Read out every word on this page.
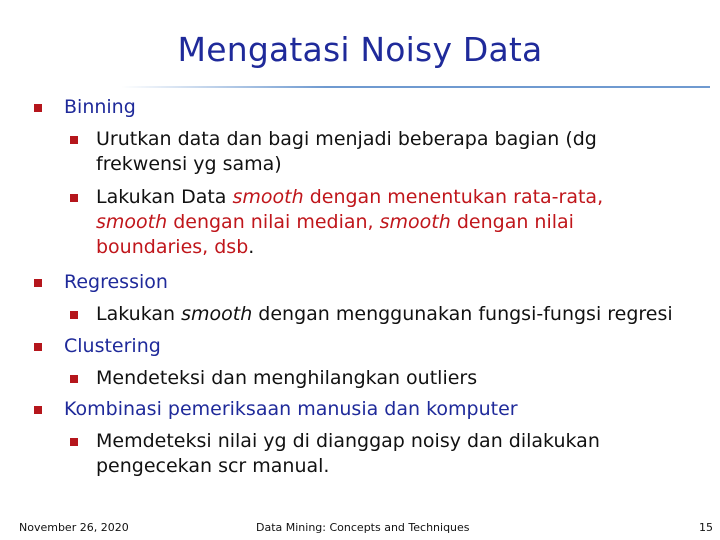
Mengatasi Noisy Data
Binning
Urutkan data dan bagi menjadi beberapa bagian (dg
frekwensi yg sama)
Lakukan Data smooth dengan menentukan rata-rata,
smooth dengan nilai median, smooth dengan nilai
boundaries, dsb.
Regression
Lakukan smooth dengan menggunakan fungsi-fungsi regresi
Clustering
Mendeteksi dan menghilangkan outliers
Kombinasi pemeriksaan manusia dan komputer
Memdeteksi nilai yg di dianggap noisy dan dilakukan
pengecekan scr manual.
November 26, 2020	Data Mining: Concepts and Techniques	15
